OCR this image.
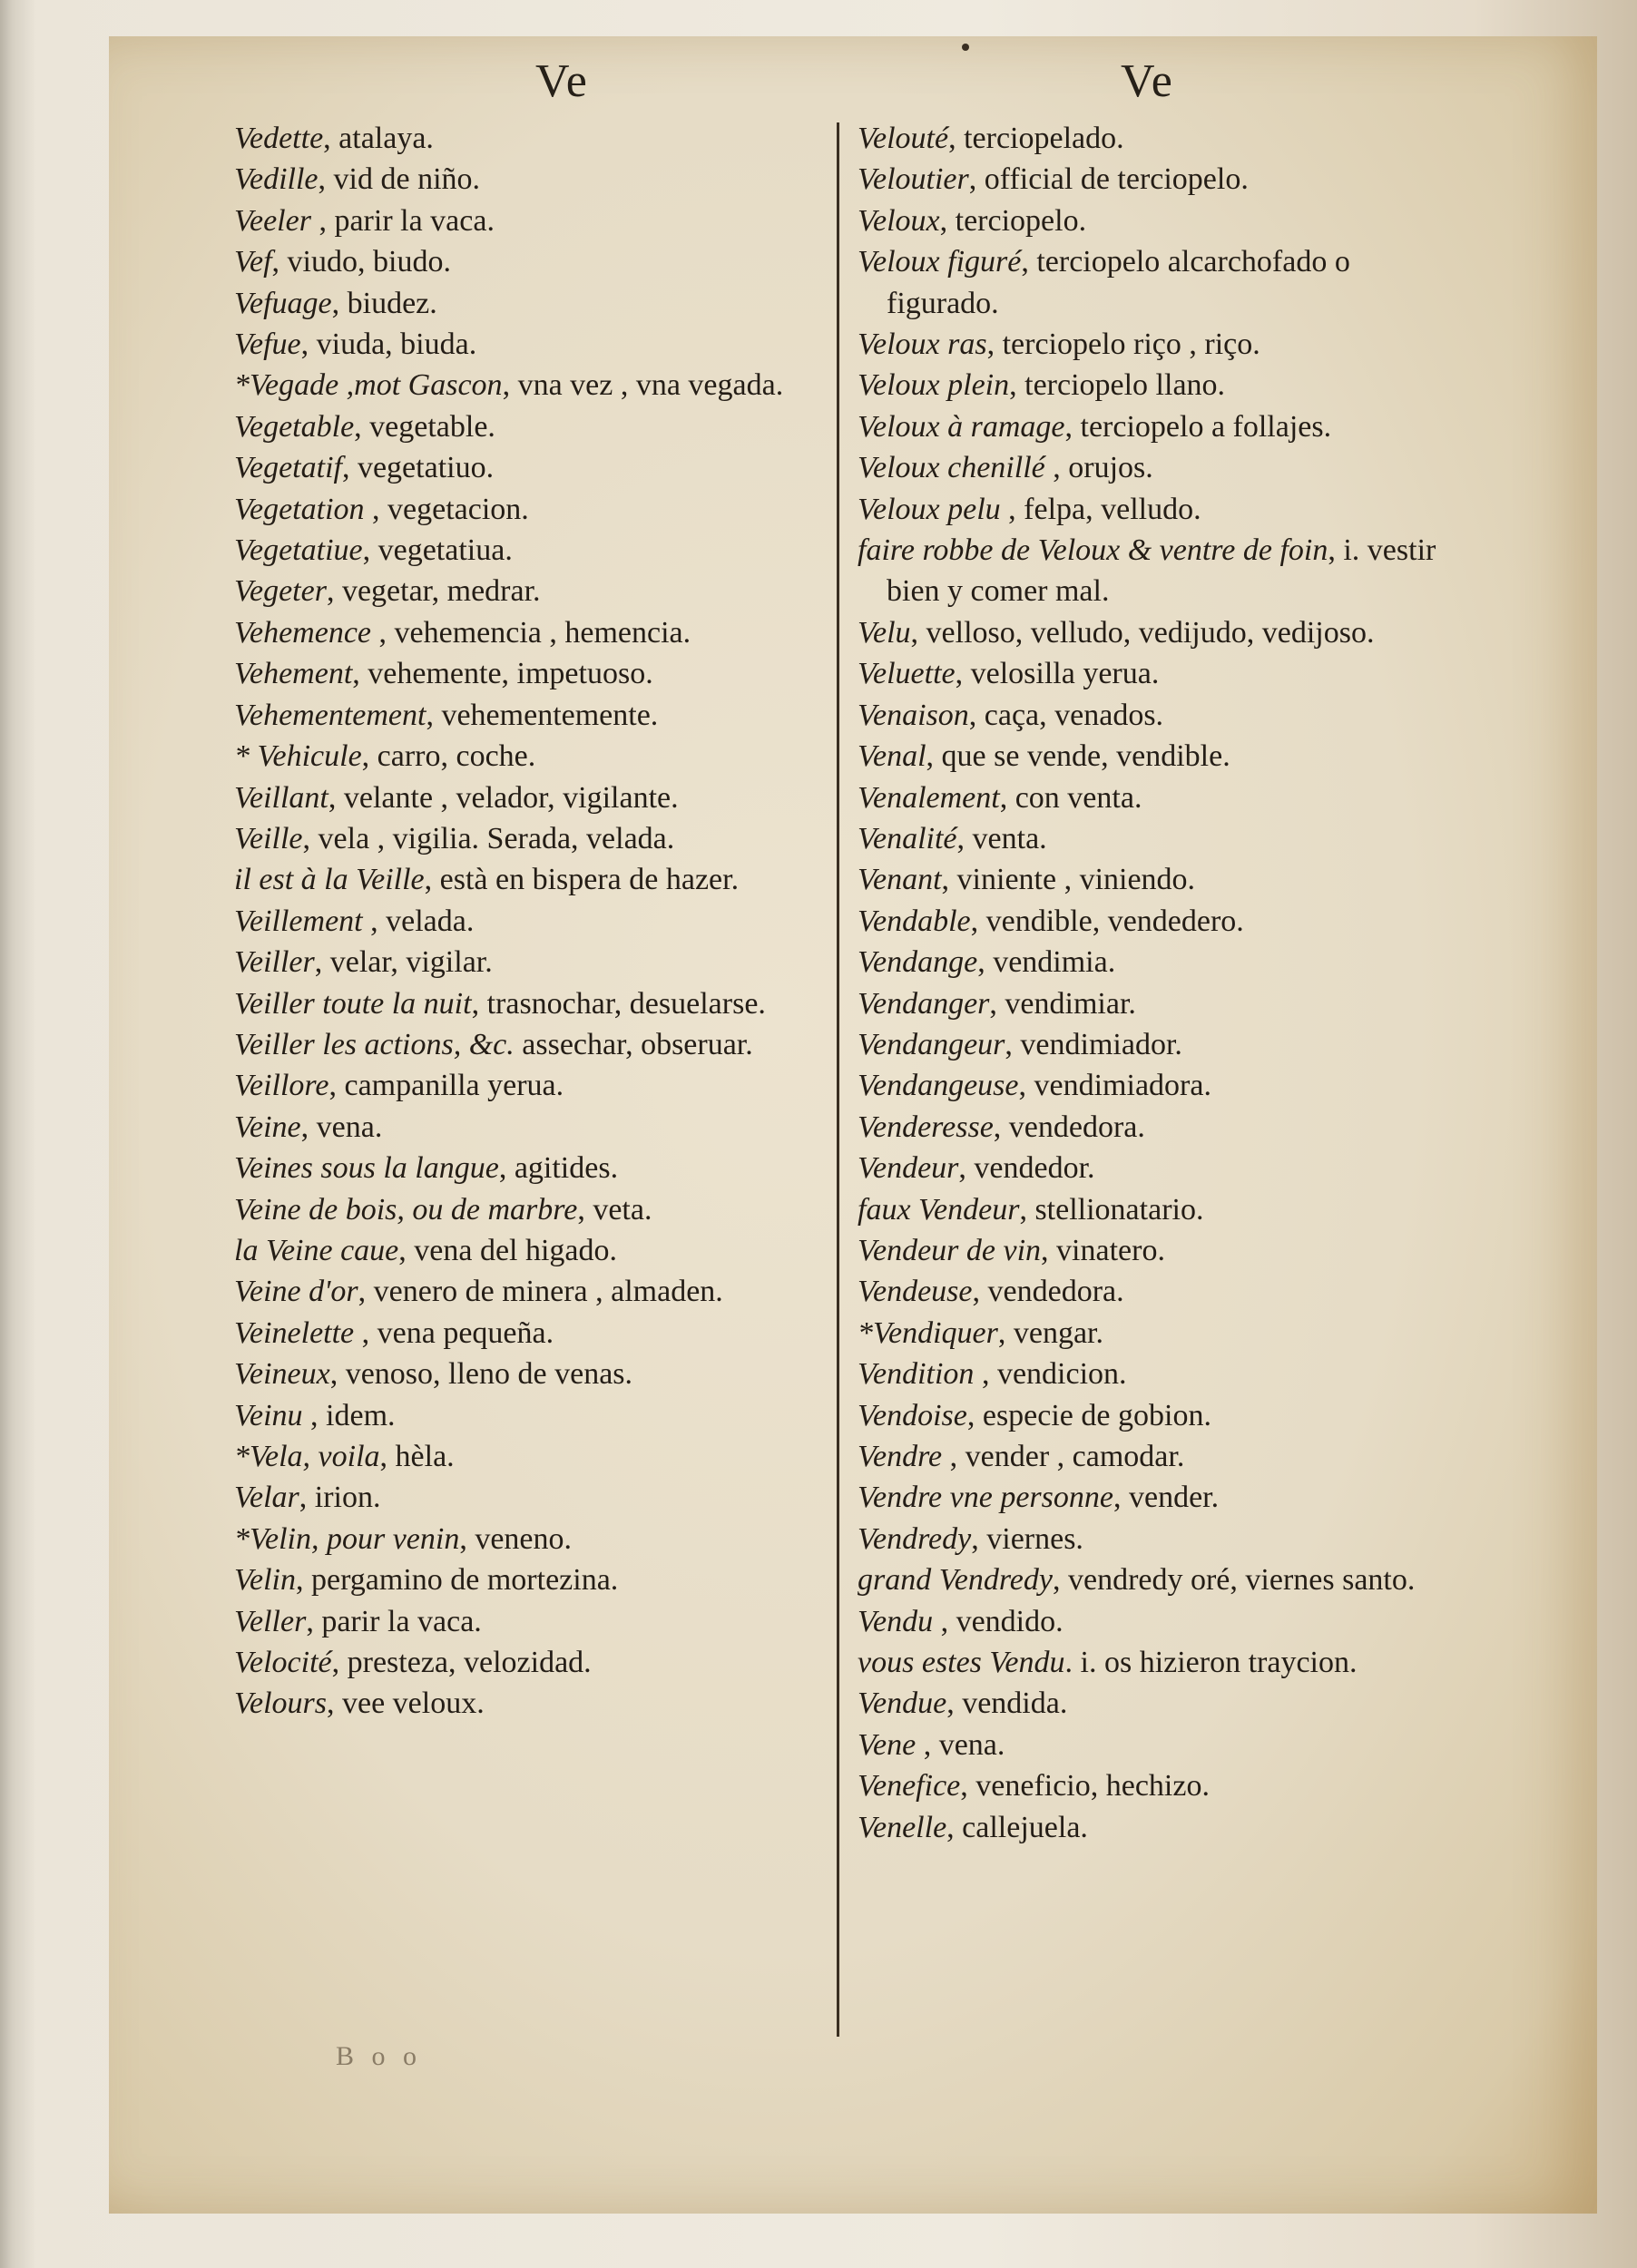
Ve	Ve

Vedette, atalaya.

Vedille, vid de niño.

Veeler , parir la vaca.

Vef, viudo, biudo.

Vefuage, biudez.

Vefue, viuda, biuda.

*Vegade ,mot Gascon, vna vez , vna vegada.

Vegetable, vegetable.

Vegetatif, vegetatiuo.

Vegetation , vegetacion.

Vegetatiue, vegetatiua.

Vegeter, vegetar, medrar.

Vehemence , vehemencia , hemencia.

Vehement, vehemente, impetuoso.

Vehementement, vehementemente.

* Vehicule, carro, coche.

Veillant, velante , velador, vigilante.

Veille, vela , vigilia. Serada, velada.

il est à la Veille, està en bispera de hazer.

Veillement , velada.

Veiller, velar, vigilar.

Veiller toute la nuit, trasnochar, desuelarse.

Veiller les actions, &c. assechar, obseruar.

Veillore, campanilla yerua.

Veine, vena.

Veines sous la langue, agitides.

Veine de bois, ou de marbre, veta.

la Veine caue, vena del higado.

Veine d'or, venero de minera , almaden.

Veinelette , vena pequeña.

Veineux, venoso, lleno de venas.

Veinu , idem.

*Vela, voila, hèla.

Velar, irion.

*Velin, pour venin, veneno.

Velin, pergamino de mortezina.

Veller, parir la vaca.

Velocité, presteza, velozidad.

Velours, vee veloux.

Velouté, terciopelado.

Veloutier, official de terciopelo.

Veloux, terciopelo.

Veloux figuré, terciopelo alcarchofado o figurado.

Veloux ras, terciopelo riço , riço.

Veloux plein, terciopelo llano.

Veloux à ramage, terciopelo a follajes.

Veloux chenillé , orujos.

Veloux pelu , felpa, velludo.

faire robbe de Veloux & ventre de foin, i. vestir bien y comer mal.

Velu, velloso, velludo, vedijudo, vedijoso.

Veluette, velosilla yerua.

Venaison, caça, venados.

Venal, que se vende, vendible.

Venalement, con venta.

Venalité, venta.

Venant, viniente , viniendo.

Vendable, vendible, vendedero.

Vendange, vendimia.

Vendanger, vendimiar.

Vendangeur, vendimiador.

Vendangeuse, vendimiadora.

Venderesse, vendedora.

Vendeur, vendedor.

faux Vendeur, stellionatario.

Vendeur de vin, vinatero.

Vendeuse, vendedora.

*Vendiquer, vengar.

Vendition , vendicion.

Vendoise, especie de gobion.

Vendre , vender , camodar.

Vendre vne personne, vender.

Vendredy, viernes.

grand Vendredy, vendredy oré, viernes santo.

Vendu , vendido.

vous estes Vendu. i. os hizieron traycion.

Vendue, vendida.

Vene , vena.

Venefice, veneficio, hechizo.

Venelle, callejuela.

B o o
